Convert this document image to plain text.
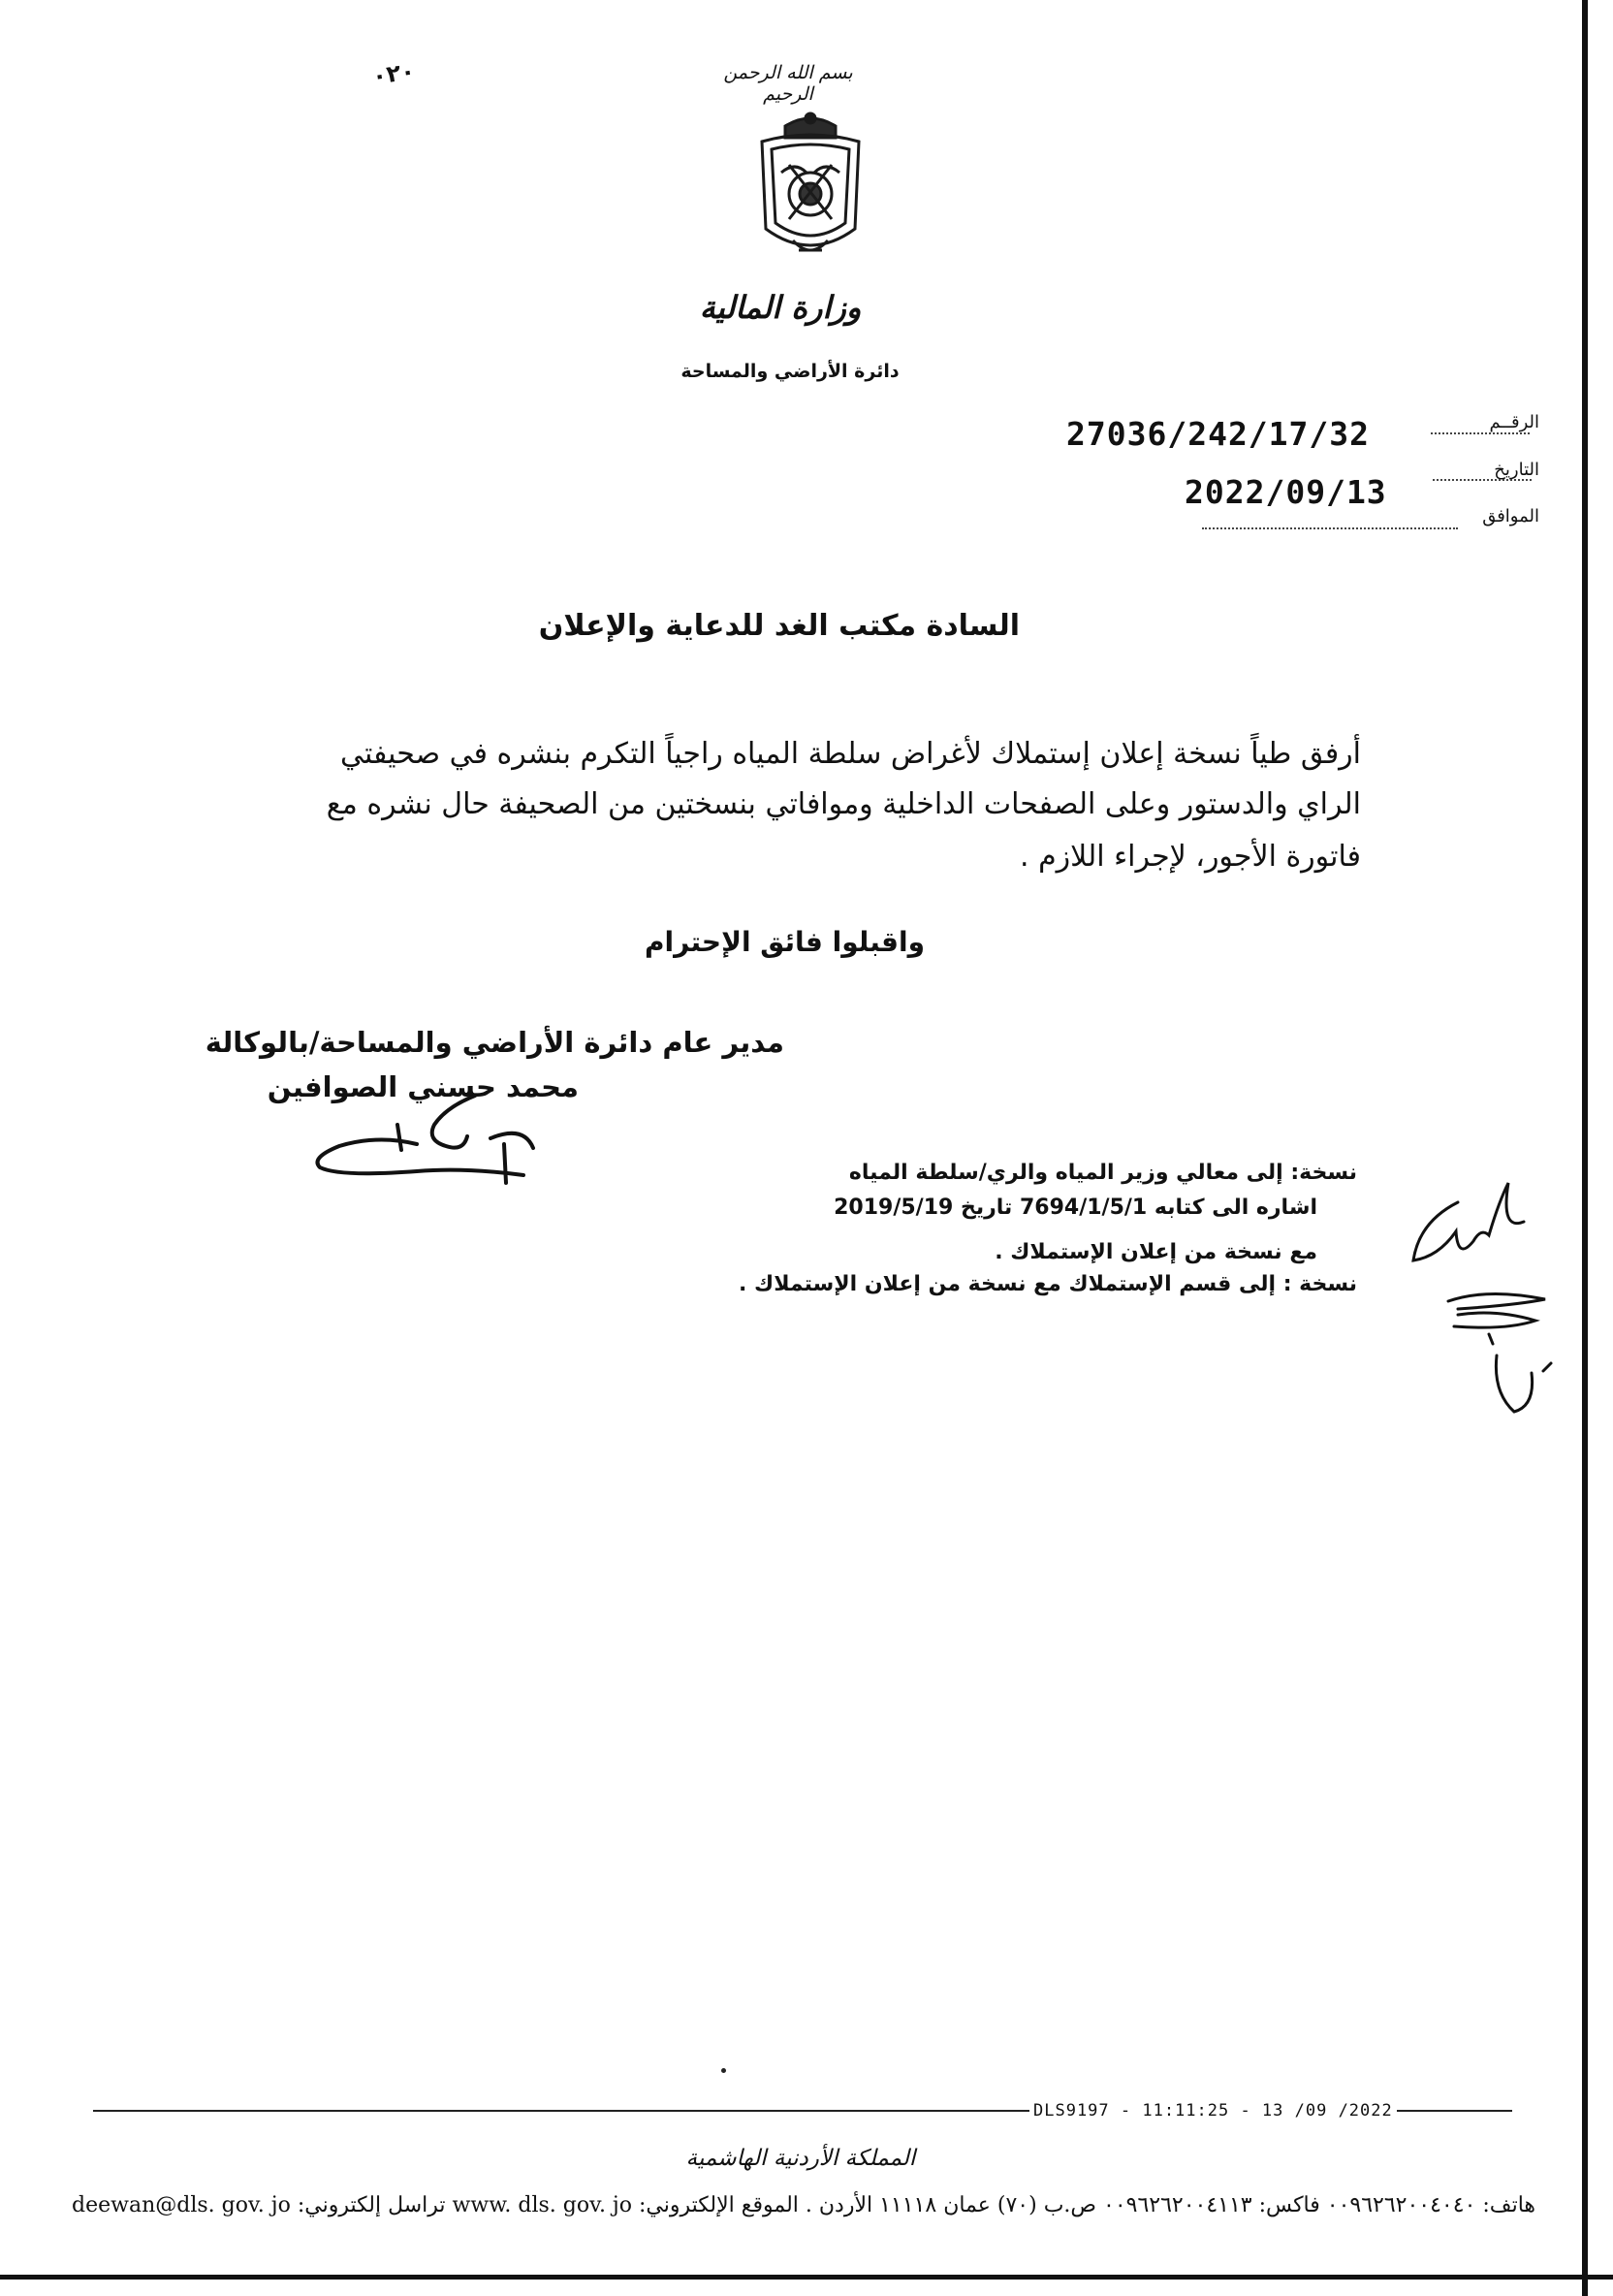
بسم الله الرحمن الرحيم
٠٢٠
وزارة المالية
دائرة الأراضي والمساحة
الرقــم
27036/242/17/32
التاريخ
2022/09/13
الموافق
السادة مكتب الغد للدعاية والإعلان
أرفق طياً نسخة إعلان إستملاك لأغراض سلطة المياه راجياً التكرم بنشره في صحيفتي
الراي والدستور وعلى الصفحات الداخلية وموافاتي بنسختين من الصحيفة حال نشره مع
فاتورة الأجور، لإجراء اللازم .
واقبلوا فائق الإحترام
مدير عام دائرة الأراضي والمساحة/بالوكالة
محمد حسني الصوافين
نسخة: إلى معالي وزير المياه والري/سلطة المياه
اشاره الى كتابه 7694/1/5/1 تاريخ 2019/5/19
مع نسخة من إعلان الإستملاك .
نسخة : إلى قسم الإستملاك مع نسخة من إعلان الإستملاك .
DLS9197 - 11:11:25 - 13 /09 /2022
المملكة الأردنية الهاشمية
هاتف: ٠٠٩٦٢٦٢٠٠٤٠٤٠ فاكس: ٠٠٩٦٢٦٢٠٠٤١١٣ ص.ب (٧٠) عمان ١١١١٨ الأردن . الموقع الإلكتروني: www. dls. gov. jo تراسل إلكتروني: deewan@dls. gov. jo
